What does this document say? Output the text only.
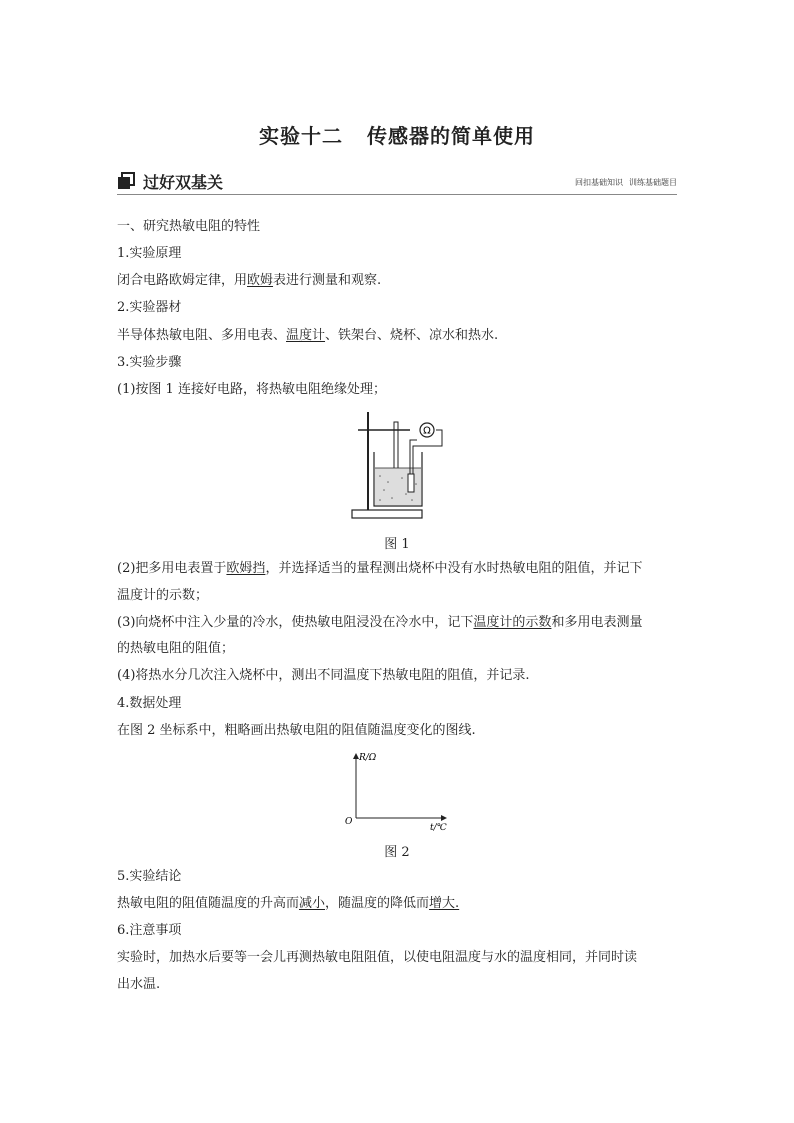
实验十二 传感器的简单使用
过好双基关	回扣基础知识 训练基础题目
一、研究热敏电阻的特性
1.实验原理
闭合电路欧姆定律，用欧姆表进行测量和观察.
2.实验器材
半导体热敏电阻、多用电表、温度计、铁架台、烧杯、凉水和热水.
3.实验步骤
(1)按图 1 连接好电路，将热敏电阻绝缘处理；
Ω
图 1
(2)把多用电表置于欧姆挡，并选择适当的量程测出烧杯中没有水时热敏电阻的阻值，并记下
温度计的示数；
(3)向烧杯中注入少量的冷水，使热敏电阻浸没在冷水中，记下温度计的示数和多用电表测量
的热敏电阻的阻值；
(4)将热水分几次注入烧杯中，测出不同温度下热敏电阻的阻值，并记录.
4.数据处理
在图 2 坐标系中，粗略画出热敏电阻的阻值随温度变化的图线.
R/Ω
t/℃
O
图 2
5.实验结论
热敏电阻的阻值随温度的升高而减小，随温度的降低而增大.
6.注意事项
实验时，加热水后要等一会儿再测热敏电阻阻值，以使电阻温度与水的温度相同，并同时读
出水温.
